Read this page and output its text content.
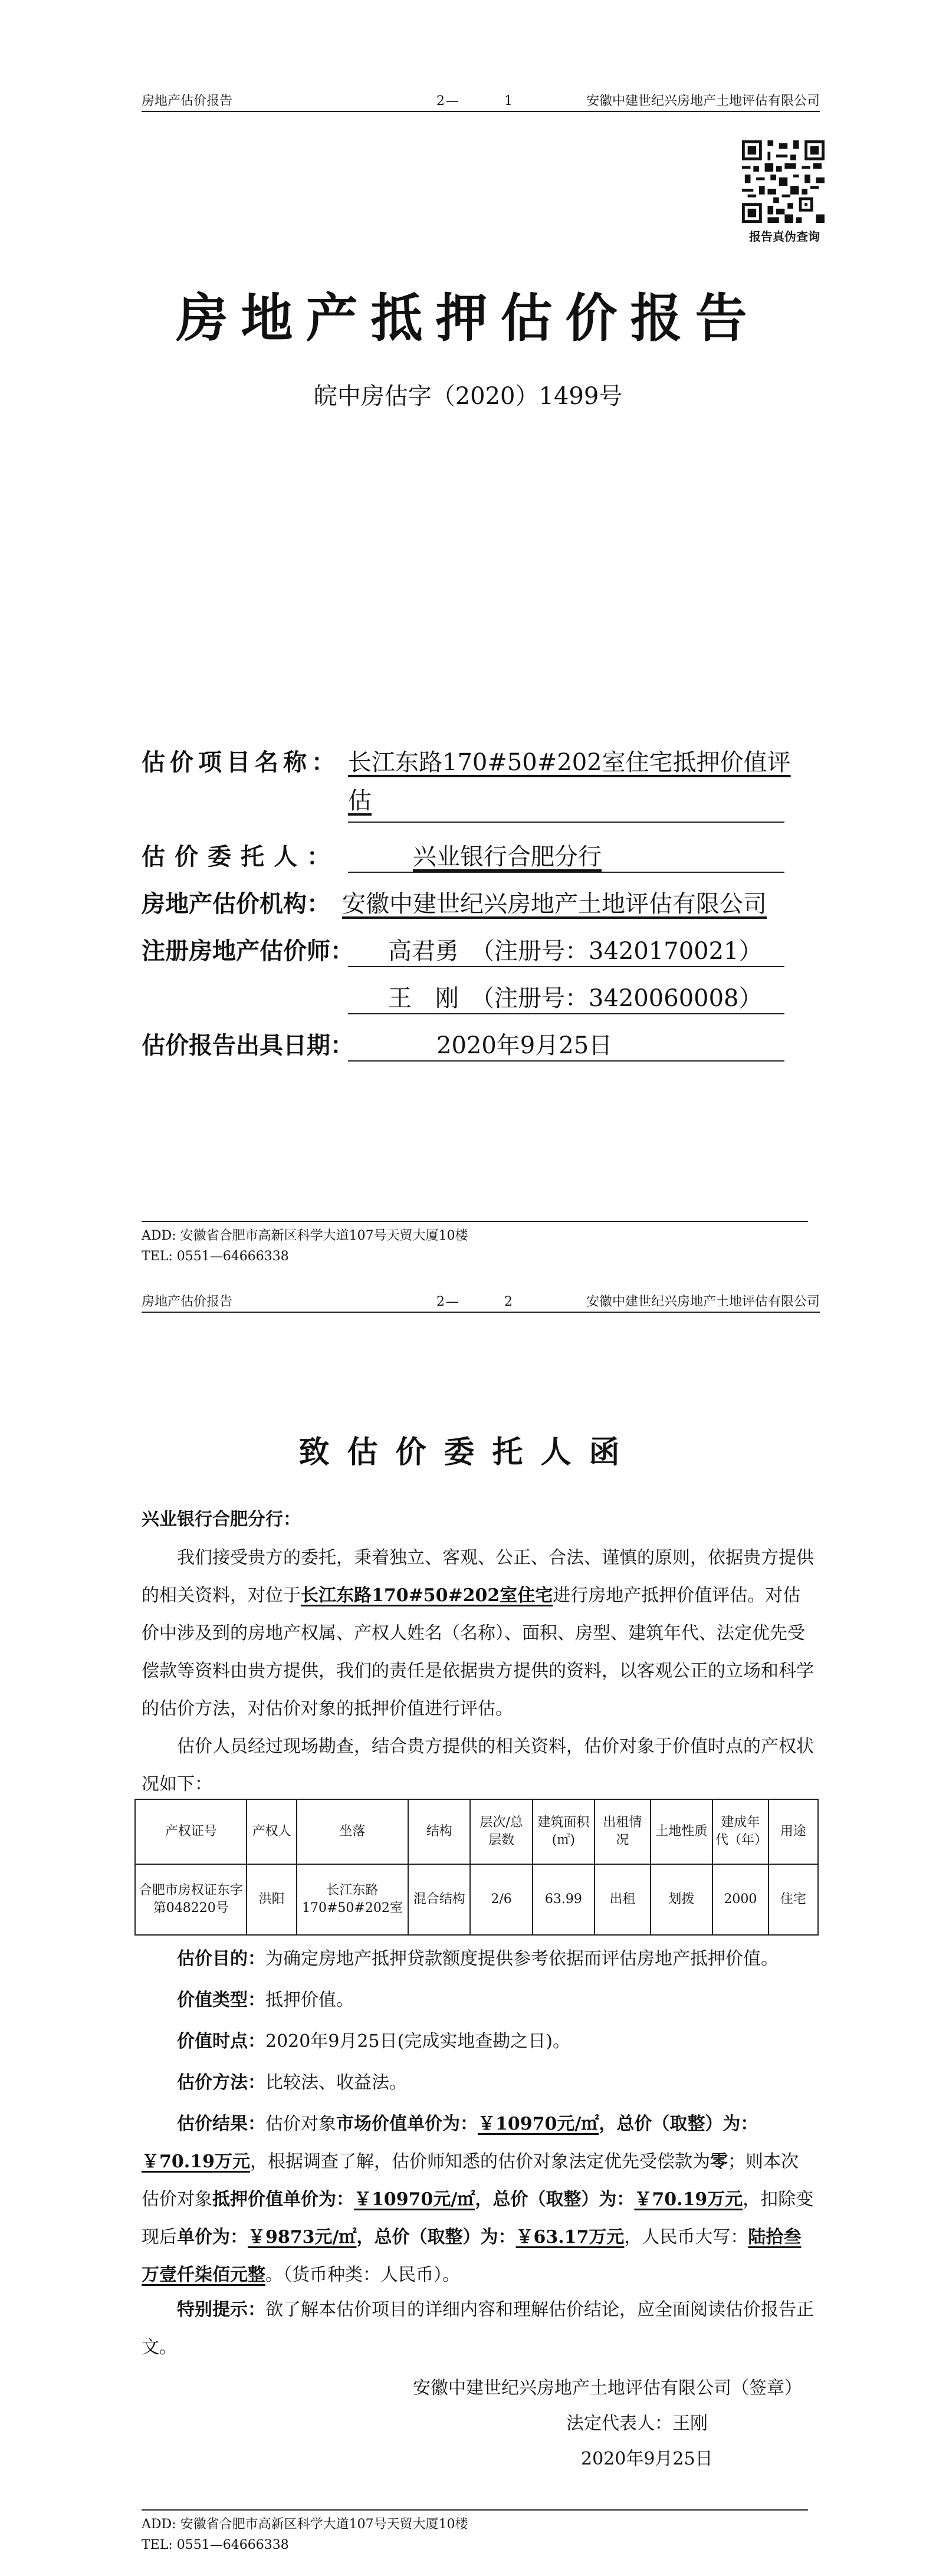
房地产估价报告	2—	1	安徽中建世纪兴房地产土地评估有限公司
报告真伪查询
房地产抵押估价报告
皖中房估字（2020）1499号
估价项目名称： 长江东路170#50#202室住宅抵押价值评
估
估价委托人：	兴业银行合肥分行
房地产估价机构： 安徽中建世纪兴房地产土地评估有限公司
注册房地产估价师： 高君勇　（注册号：3420170021）
王　刚　（注册号：3420060008）
估价报告出具日期：	2020年9月25日
ADD: 安徽省合肥市高新区科学大道107号天贸大厦10楼
TEL: 0551—64666338
房地产估价报告	2—	2	安徽中建世纪兴房地产土地评估有限公司
致估价委托人函
兴业银行合肥分行：
我们接受贵方的委托，秉着独立、客观、公正、合法、谨慎的原则，依据贵方提供的相关资料，对位于长江东路170#50#202室住宅进行房地产抵押价值评估。对估价中涉及到的房地产权属、产权人姓名（名称）、面积、房型、建筑年代、法定优先受偿款等资料由贵方提供，我们的责任是依据贵方提供的资料，以客观公正的立场和科学的估价方法，对估价对象的抵押价值进行评估。
估价人员经过现场勘查，结合贵方提供的相关资料，估价对象于价值时点的产权状况如下：
产权证号	产权人	坐落	结构	层次/总层数	建筑面积(㎡)	出租情况	土地性质	建成年代（年）	用途
合肥市房权证东字第048220号	洪阳	长江东路170#50#202室	混合结构	2/6	63.99	出租	划拨	2000	住宅
估价目的：为确定房地产抵押贷款额度提供参考依据而评估房地产抵押价值。
价值类型：抵押价值。
价值时点：2020年9月25日(完成实地查勘之日)。
估价方法：比较法、收益法。
估价结果：估价对象市场价值单价为：￥10970元/㎡，总价（取整）为：￥70.19万元，根据调查了解，估价师知悉的估价对象法定优先受偿款为零；则本次估价对象抵押价值单价为：￥10970元/㎡，总价（取整）为：￥70.19万元，扣除变现后单价为：￥9873元/㎡，总价（取整）为：￥63.17万元，人民币大写：陆拾叁万壹仟柒佰元整。（货币种类：人民币）。
特别提示：欲了解本估价项目的详细内容和理解估价结论，应全面阅读估价报告正文。
安徽中建世纪兴房地产土地评估有限公司（签章）
法定代表人：王刚
2020年9月25日
ADD: 安徽省合肥市高新区科学大道107号天贸大厦10楼
TEL: 0551—64666338
